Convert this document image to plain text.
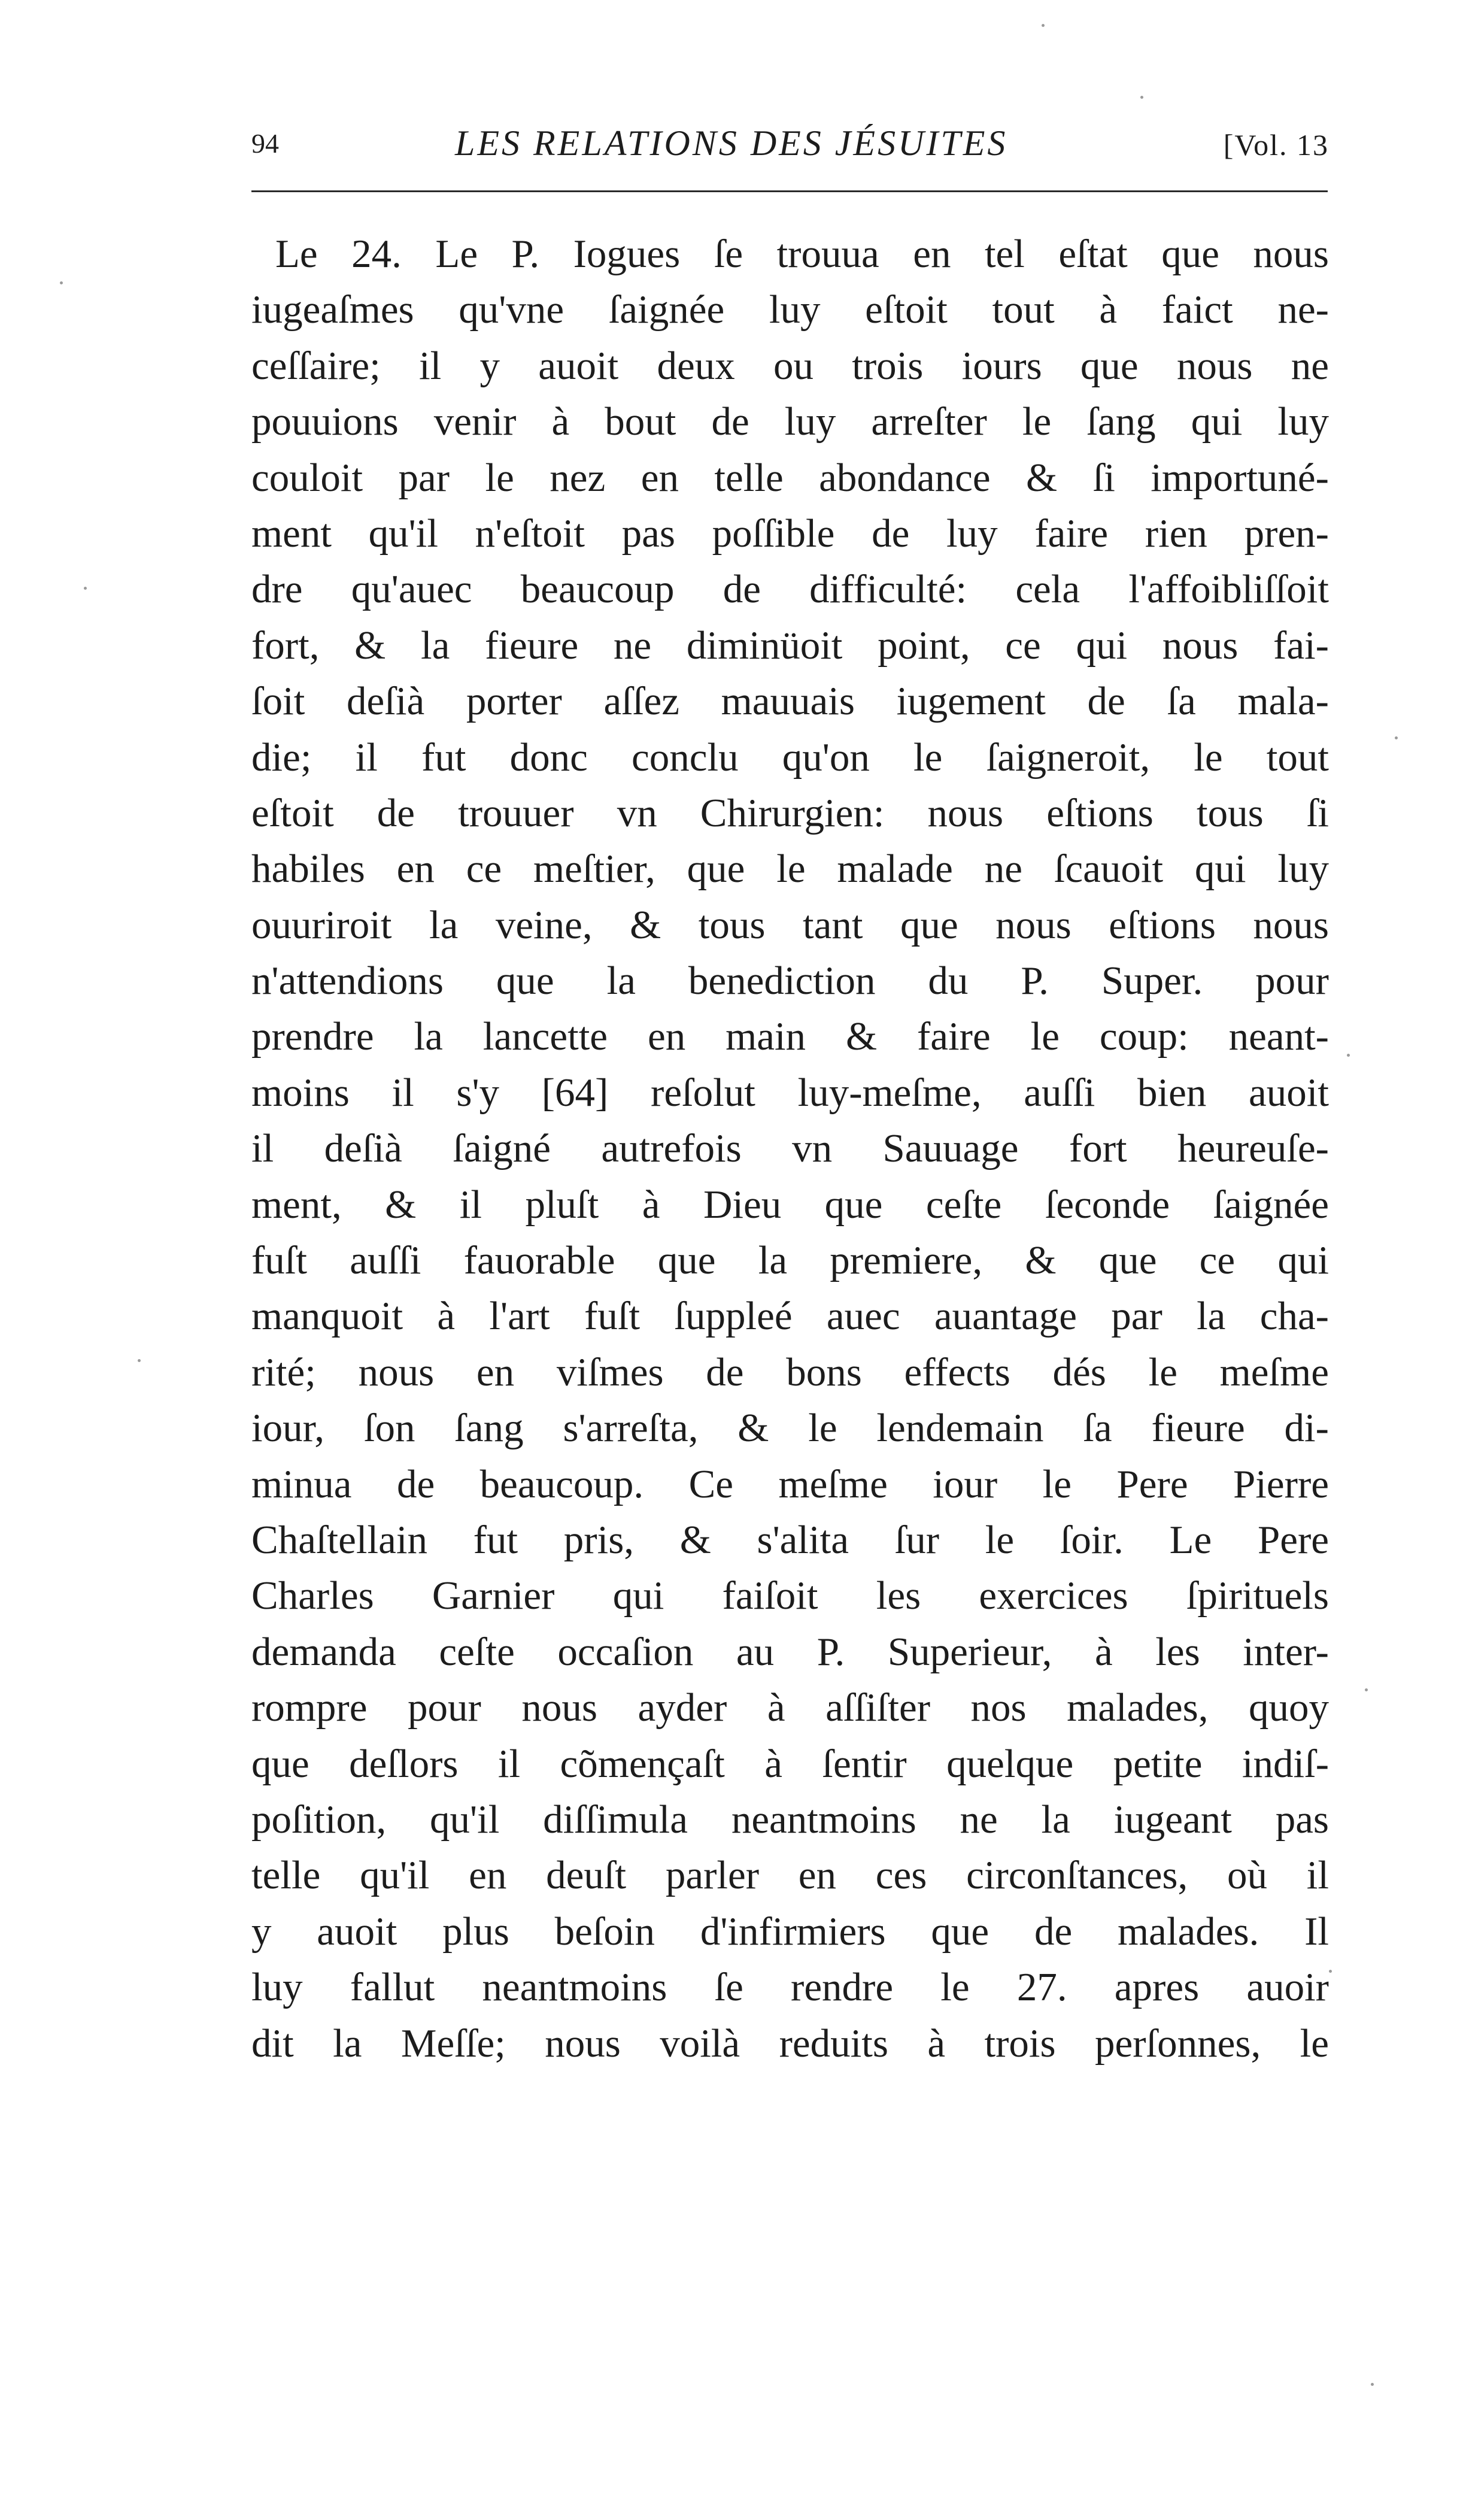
94	LES RELATIONS DES JÉSUITES	[Vol. 13
Le 24. Le P. Iogues ſe trouua en tel eſtat que nous
iugeaſmes qu'vne ſaignée luy eſtoit tout à faict ne-
ceſſaire; il y auoit deux ou trois iours que nous ne
pouuions venir à bout de luy arreſter le ſang qui luy
couloit par le nez en telle abondance & ſi importuné-
ment qu'il n'eſtoit pas poſſible de luy faire rien pren-
dre qu'auec beaucoup de difficulté: cela l'affoibliſſoit
fort, & la fieure ne diminüoit point, ce qui nous fai-
ſoit deſià porter aſſez mauuais iugement de ſa mala-
die; il fut donc conclu qu'on le ſaigneroit, le tout
eſtoit de trouuer vn Chirurgien: nous eſtions tous ſi
habiles en ce meſtier, que le malade ne ſcauoit qui luy
ouuriroit la veine, & tous tant que nous eſtions nous
n'attendions que la benediction du P. Super. pour
prendre la lancette en main & faire le coup: neant-
moins il s'y [64] reſolut luy-meſme, auſſi bien auoit
il deſià ſaigné autrefois vn Sauuage fort heureuſe-
ment, & il pluſt à Dieu que ceſte ſeconde ſaignée
fuſt auſſi fauorable que la premiere, & que ce qui
manquoit à l'art fuſt ſuppleé auec auantage par la cha-
rité; nous en viſmes de bons effects dés le meſme
iour, ſon ſang s'arreſta, & le lendemain ſa fieure di-
minua de beaucoup. Ce meſme iour le Pere Pierre
Chaſtellain fut pris, & s'alita ſur le ſoir. Le Pere
Charles Garnier qui faiſoit les exercices ſpirituels
demanda ceſte occaſion au P. Superieur, à les inter-
rompre pour nous ayder à aſſiſter nos malades, quoy
que deſlors il cõmençaſt à ſentir quelque petite indiſ-
poſition, qu'il diſſimula neantmoins ne la iugeant pas
telle qu'il en deuſt parler en ces circonſtances, où il
y auoit plus beſoin d'infirmiers que de malades. Il
luy fallut neantmoins ſe rendre le 27. apres auoir
dit la Meſſe; nous voilà reduits à trois perſonnes, le
